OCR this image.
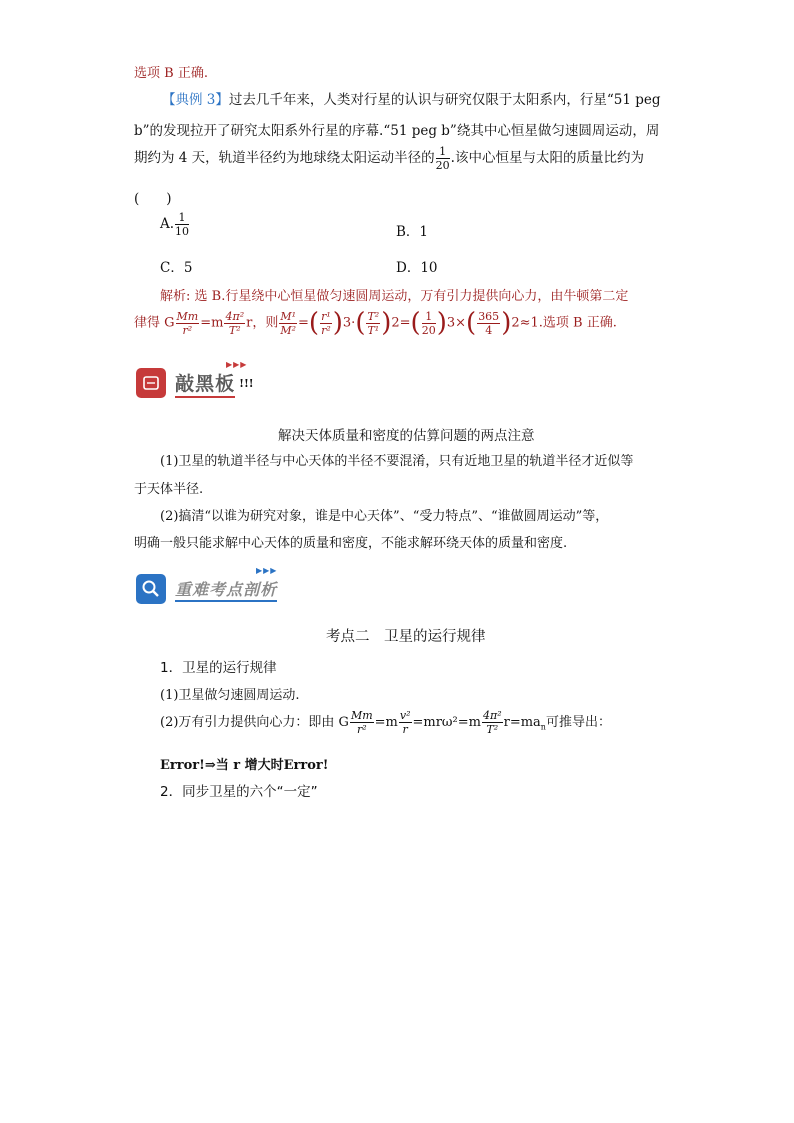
选项 B 正确.
【典例 3】过去几千年来，人类对行星的认识与研究仅限于太阳系内，行星“51 peg
b”的发现拉开了研究太阳系外行星的序幕.“51 peg b”绕其中心恒星做匀速圆周运动，周
期约为 4 天，轨道半径约为地球绕太阳运动半径的 $\frac{1}{20}$ .该中心恒星与太阳的质量比约为
(　　)
A. $\frac{1}{10}$	B．1
C．5	D．10
解析: 选 B.行星绕中心恒星做匀速圆周运动，万有引力提供向心力，由牛顿第二定
律得 G $\frac{Mm}{\text{r²}} =m \frac{\text{4π²}}{\text{T²}}$ r，则 $\frac{\text{M¹}}{\text{M²}}$ =( $\frac{\text{r¹}}{\text{r²}} )3\cdot( \frac{\text{T²}}{\text{T¹}} )2=( \frac{1}{20} )3\times( \frac{365}{4} )2\approx 1$.选项 B 正确.
敲黑板 !!!
▶▶▶
解决天体质量和密度的估算问题的两点注意
(1)卫星的轨道半径与中心天体的半径不要混淆，只有近地卫星的轨道半径才近似等
于天体半径.
(2)搞清“以谁为研究对象，谁是中心天体”、“受力特点”、“谁做圆周运动”等，
明确一般只能求解中心天体的质量和密度，不能求解环绕天体的质量和密度.
重难考点剖析
▶▶▶
考点二　卫星的运行规律
1．卫星的运行规律
(1)卫星做匀速圆周运动.
(2)万有引力提供向心力：即由 G $\frac{Mm}{\text{r²}} =m \frac{\text{v²}}{r} =mr\omega^2=m \frac{\text{4π²}}{\text{T²}} r=ma_n$可推导出：
Error!⇒当 r 增大时Error!
2．同步卫星的六个“一定”
